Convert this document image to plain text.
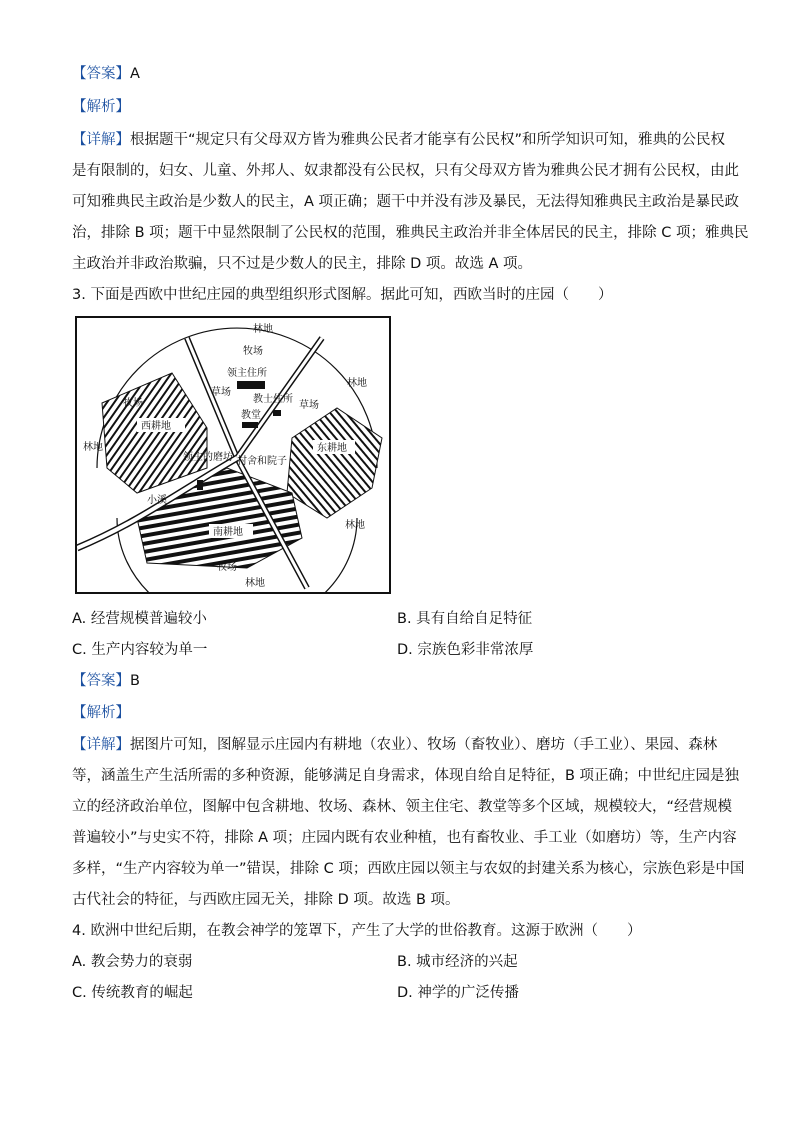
【答案】A
【解析】
【详解】根据题干“规定只有父母双方皆为雅典公民者才能享有公民权”和所学知识可知，雅典的公民权
是有限制的，妇女、儿童、外邦人、奴隶都没有公民权，只有父母双方皆为雅典公民才拥有公民权，由此
可知雅典民主政治是少数人的民主，A 项正确；题干中并没有涉及暴民，无法得知雅典民主政治是暴民政
治，排除 B 项；题干中显然限制了公民权的范围，雅典民主政治并非全体居民的民主，排除 C 项；雅典民
主政治并非政治欺骗，只不过是少数人的民主，排除 D 项。故选 A 项。
3. 下面是西欧中世纪庄园的典型组织形式图解。据此可知，西欧当时的庄园（　　）
林地
牧场
领主住所
草场
教士住所
教堂
草场
林地
牧场
西耕地
东耕地
林地
领主的磨坊 村舍和院子
小溪
林地
南耕地
牧场
林地
A. 经营规模普遍较小	B. 具有自给自足特征
C. 生产内容较为单一	D. 宗族色彩非常浓厚
【答案】B
【解析】
【详解】据图片可知，图解显示庄园内有耕地（农业）、牧场（畜牧业）、磨坊（手工业）、果园、森林
等，涵盖生产生活所需的多种资源，能够满足自身需求，体现自给自足特征，B 项正确；中世纪庄园是独
立的经济政治单位，图解中包含耕地、牧场、森林、领主住宅、教堂等多个区域，规模较大，“经营规模
普遍较小”与史实不符，排除 A 项；庄园内既有农业种植，也有畜牧业、手工业（如磨坊）等，生产内容
多样，“生产内容较为单一”错误，排除 C 项；西欧庄园以领主与农奴的封建关系为核心，宗族色彩是中国
古代社会的特征，与西欧庄园无关，排除 D 项。故选 B 项。
4. 欧洲中世纪后期，在教会神学的笼罩下，产生了大学的世俗教育。这源于欧洲（　　）
A. 教会势力的衰弱	B. 城市经济的兴起
C. 传统教育的崛起	D. 神学的广泛传播
